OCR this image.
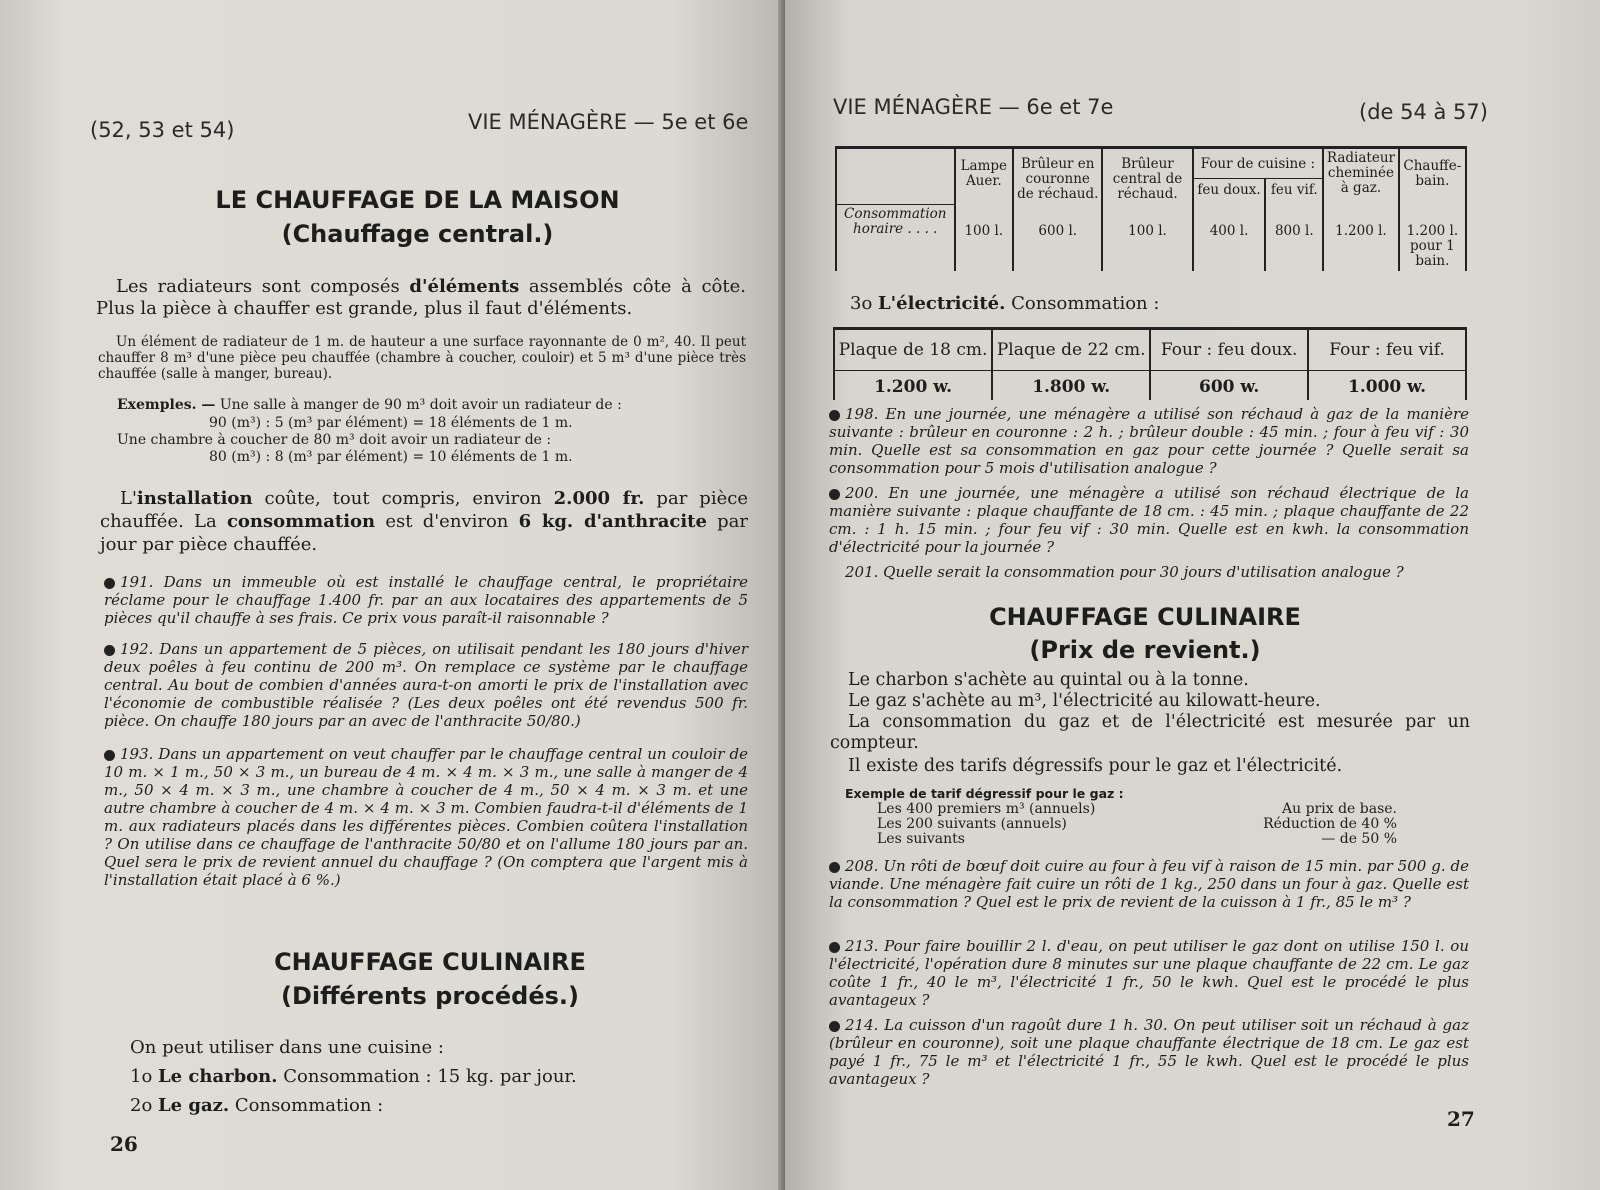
(52, 53 et 54)	VIE MÉNAGÈRE — 5e et 6e
LE CHAUFFAGE DE LA MAISON
(Chauffage central.)
Les radiateurs sont composés d'éléments assemblés côte à côte. Plus la pièce à chauffer est grande, plus il faut d'éléments.
Un élément de radiateur de 1 m. de hauteur a une surface rayonnante de 0 m², 40. Il peut chauffer 8 m³ d'une pièce peu chauffée (chambre à coucher, couloir) et 5 m³ d'une pièce très chauffée (salle à manger, bureau).
Exemples. — Une salle à manger de 90 m³ doit avoir un radiateur de :
90 (m³) : 5 (m³ par élément) = 18 éléments de 1 m.
Une chambre à coucher de 80 m³ doit avoir un radiateur de :
80 (m³) : 8 (m³ par élément) = 10 éléments de 1 m.
L'installation coûte, tout compris, environ 2.000 fr. par pièce chauffée. La consommation est d'environ 6 kg. d'anthracite par jour par pièce chauffée.
191. Dans un immeuble où est installé le chauffage central, le propriétaire réclame pour le chauffage 1.400 fr. par an aux locataires des appartements de 5 pièces qu'il chauffe à ses frais. Ce prix vous paraît-il raisonnable ?
192. Dans un appartement de 5 pièces, on utilisait pendant les 180 jours d'hiver deux poêles à feu continu de 200 m³. On remplace ce système par le chauffage central. Au bout de combien d'années aura-t-on amorti le prix de l'installation avec l'économie de combustible réalisée ? (Les deux poêles ont été revendus 500 fr. pièce. On chauffe 180 jours par an avec de l'anthracite 50/80.)
193. Dans un appartement on veut chauffer par le chauffage central un couloir de 10 m. × 1 m., 50 × 3 m., un bureau de 4 m. × 4 m. × 3 m., une salle à manger de 4 m., 50 × 4 m. × 3 m., une chambre à coucher de 4 m., 50 × 4 m. × 3 m. et une autre chambre à coucher de 4 m. × 4 m. × 3 m. Combien faudra-t-il d'éléments de 1 m. aux radiateurs placés dans les différentes pièces. Combien coûtera l'installation ? On utilise dans ce chauffage de l'anthracite 50/80 et on l'allume 180 jours par an. Quel sera le prix de revient annuel du chauffage ? (On comptera que l'argent mis à l'installation était placé à 6 %.)
CHAUFFAGE CULINAIRE
(Différents procédés.)
On peut utiliser dans une cuisine :
1o Le charbon. Consommation : 15 kg. par jour.
2o Le gaz. Consommation :
26
VIE MÉNAGÈRE — 6e et 7e	(de 54 à 57)
	Lampe Auer.	Brûleur en couronne de réchaud.	Brûleur central de réchaud.	Four de cuisine :		Radiateur cheminée à gaz.	Chauffe-bain.
				feu doux.	feu vif.		

Consommation
horaire . . . .	100 l.	600 l.	100 l.	400 l.	800 l.	1.200 l.	1.200 l. pour 1 bain.
3o L'électricité. Consommation :
Plaque de 18 cm.	Plaque de 22 cm.	Four : feu doux.	Four : feu vif.
1.200 w.	1.800 w.	600 w.	1.000 w.
198. En une journée, une ménagère a utilisé son réchaud à gaz de la manière suivante : brûleur en couronne : 2 h. ; brûleur double : 45 min. ; four à feu vif : 30 min. Quelle est sa consommation en gaz pour cette journée ? Quelle serait sa consommation pour 5 mois d'utilisation analogue ?
200. En une journée, une ménagère a utilisé son réchaud électrique de la manière suivante : plaque chauffante de 18 cm. : 45 min. ; plaque chauffante de 22 cm. : 1 h. 15 min. ; four feu vif : 30 min. Quelle est en kwh. la consommation d'électricité pour la journée ?
201. Quelle serait la consommation pour 30 jours d'utilisation analogue ?
CHAUFFAGE CULINAIRE
(Prix de revient.)
Le charbon s'achète au quintal ou à la tonne.
Le gaz s'achète au m³, l'électricité au kilowatt-heure.
La consommation du gaz et de l'électricité est mesurée par un compteur.
Il existe des tarifs dégressifs pour le gaz et l'électricité.
Exemple de tarif dégressif pour le gaz :
Les 400 premiers m³ (annuels)	Au prix de base.
Les 200 suivants (annuels)	Réduction de 40 %
Les suivants	— de 50 %
208. Un rôti de bœuf doit cuire au four à feu vif à raison de 15 min. par 500 g. de viande. Une ménagère fait cuire un rôti de 1 kg., 250 dans un four à gaz. Quelle est la consommation ? Quel est le prix de revient de la cuisson à 1 fr., 85 le m³ ?
213. Pour faire bouillir 2 l. d'eau, on peut utiliser le gaz dont on utilise 150 l. ou l'électricité, l'opération dure 8 minutes sur une plaque chauffante de 22 cm. Le gaz coûte 1 fr., 40 le m³, l'électricité 1 fr., 50 le kwh. Quel est le procédé le plus avantageux ?
214. La cuisson d'un ragoût dure 1 h. 30. On peut utiliser soit un réchaud à gaz (brûleur en couronne), soit une plaque chauffante électrique de 18 cm. Le gaz est payé 1 fr., 75 le m³ et l'électricité 1 fr., 55 le kwh. Quel est le procédé le plus avantageux ?
27
